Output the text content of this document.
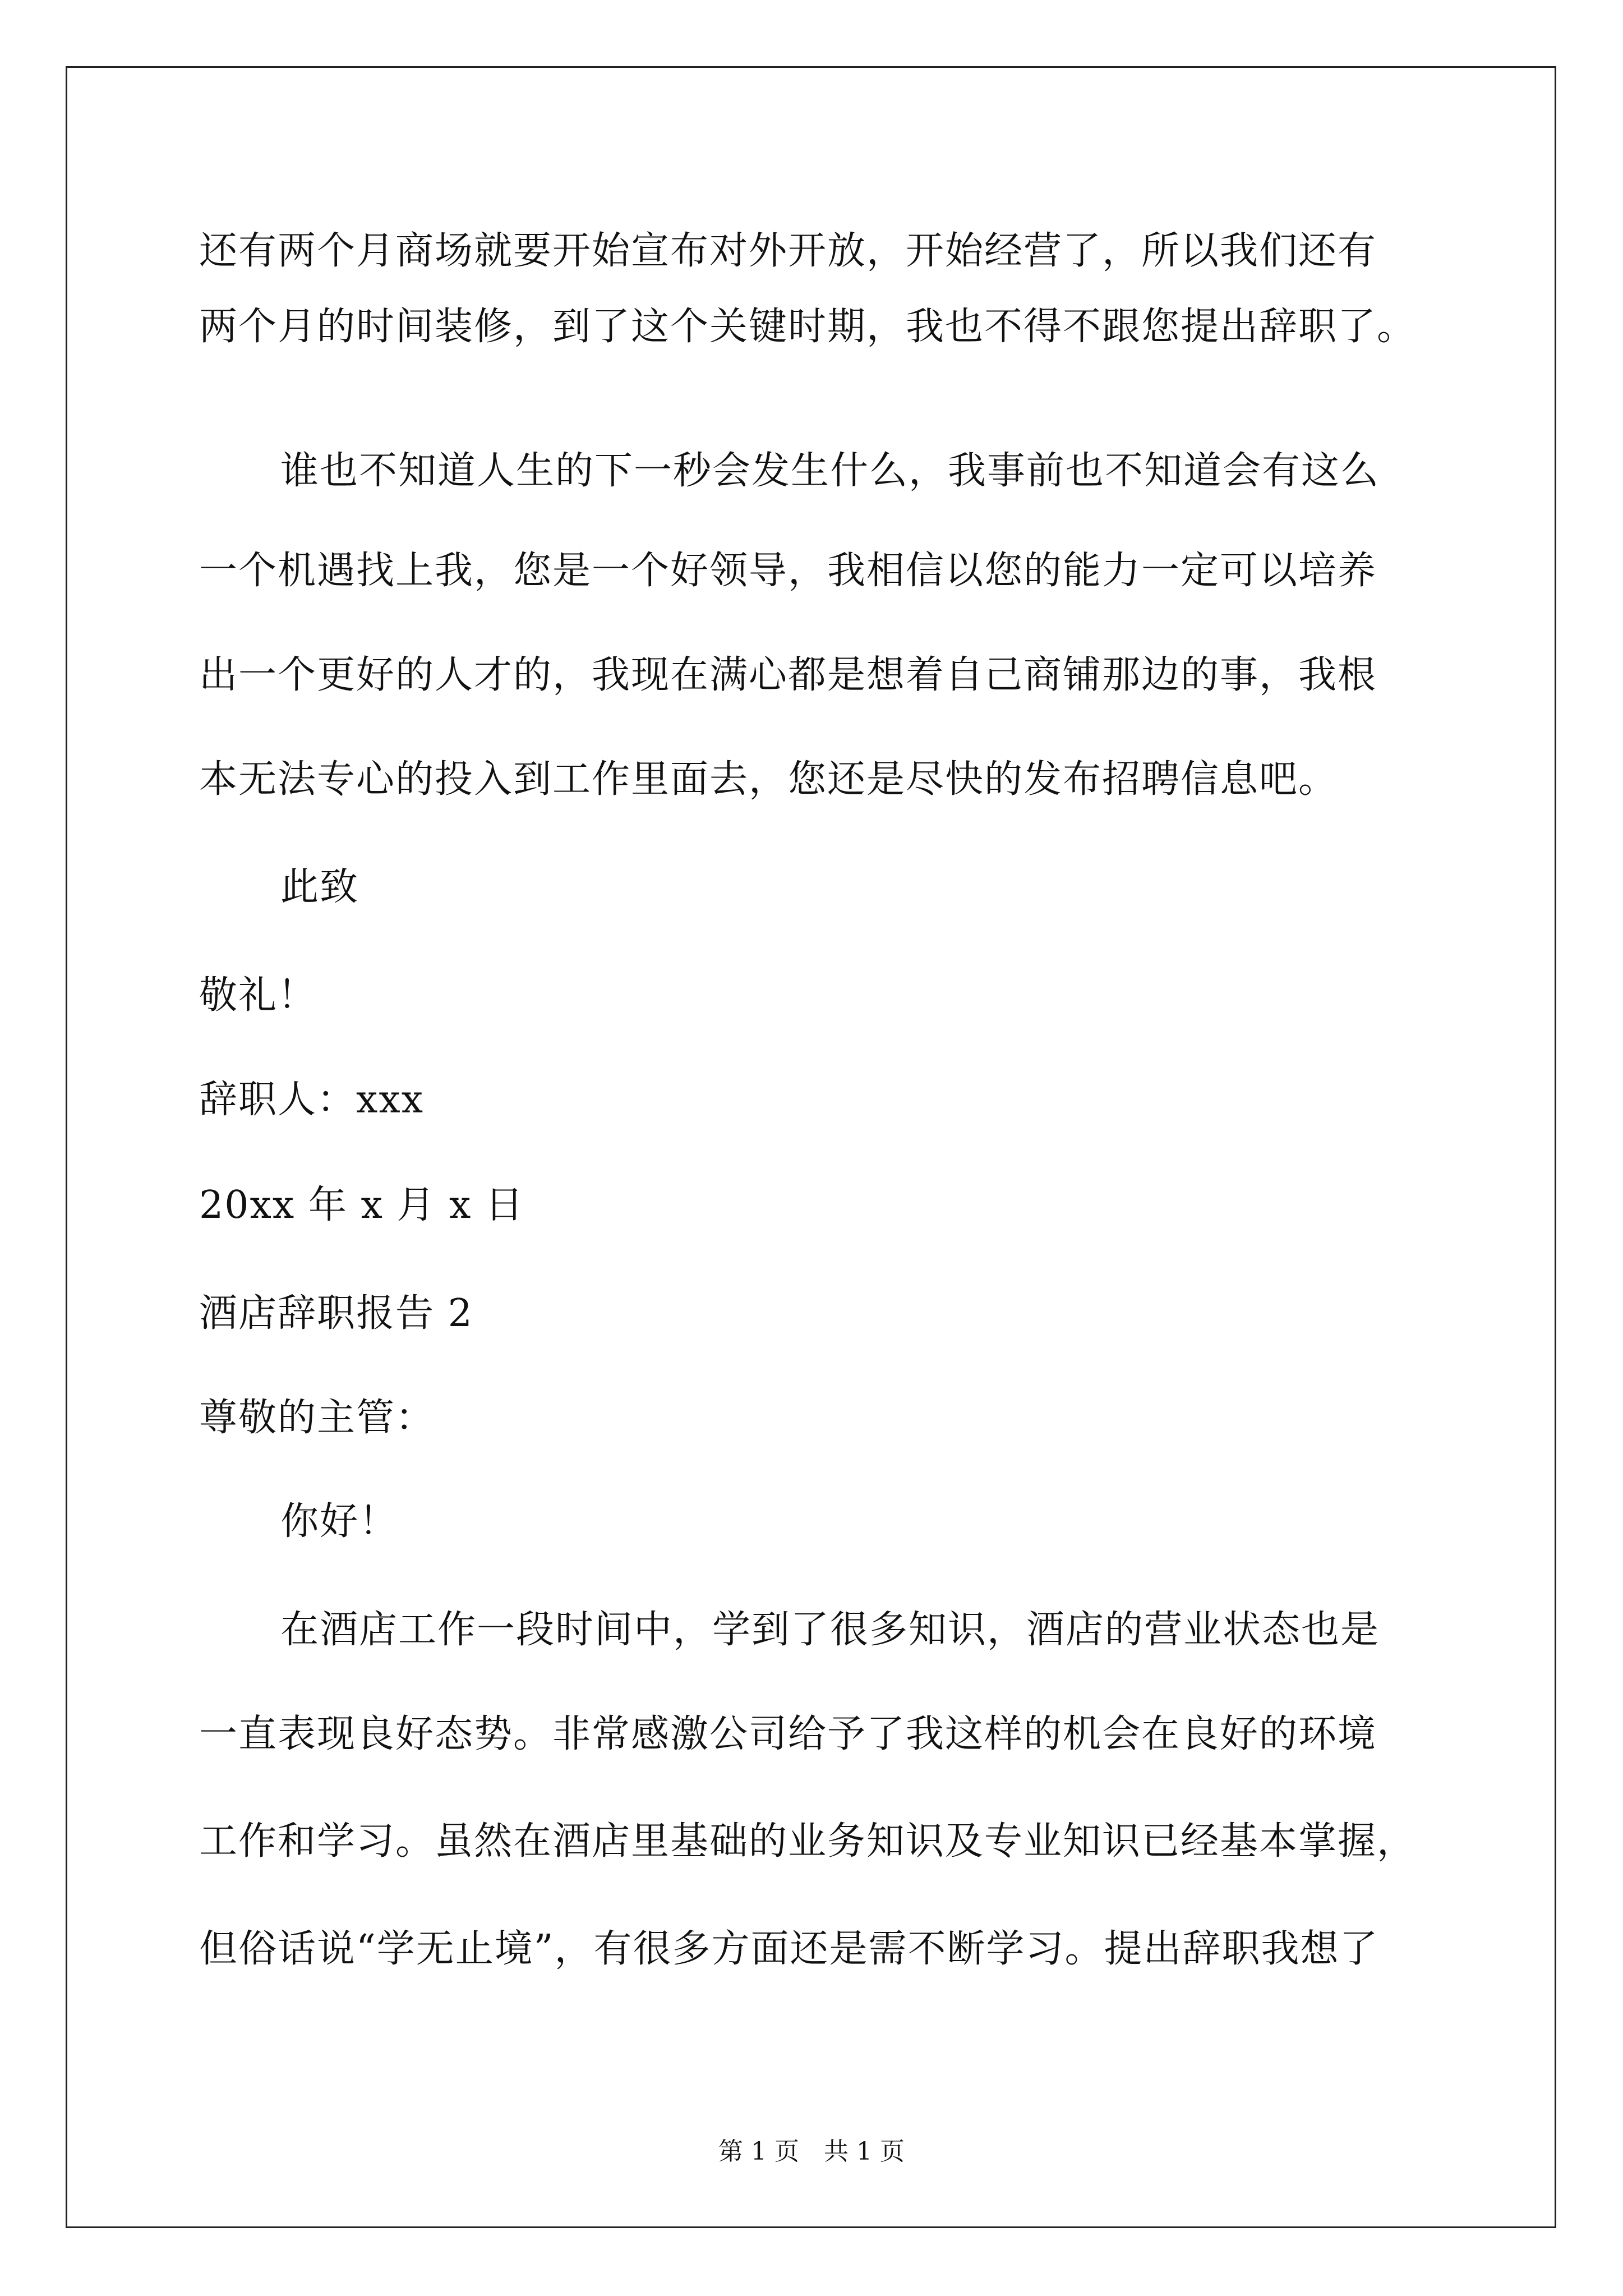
还有两个月商场就要开始宣布对外开放，开始经营了，所以我们还有
两个月的时间装修，到了这个关键时期，我也不得不跟您提出辞职了。
谁也不知道人生的下一秒会发生什么，我事前也不知道会有这么
一个机遇找上我，您是一个好领导，我相信以您的能力一定可以培养
出一个更好的人才的，我现在满心都是想着自己商铺那边的事，我根
本无法专心的投入到工作里面去，您还是尽快的发布招聘信息吧。
此致
敬礼！
辞职人：xxx
20xx 年 x 月 x 日
酒店辞职报告 2
尊敬的主管：
你好！
在酒店工作一段时间中，学到了很多知识，酒店的营业状态也是
一直表现良好态势。非常感激公司给予了我这样的机会在良好的环境
工作和学习。虽然在酒店里基础的业务知识及专业知识已经基本掌握，
但俗话说“学无止境”，有很多方面还是需不断学习。提出辞职我想了
第 1 页　共 1 页
